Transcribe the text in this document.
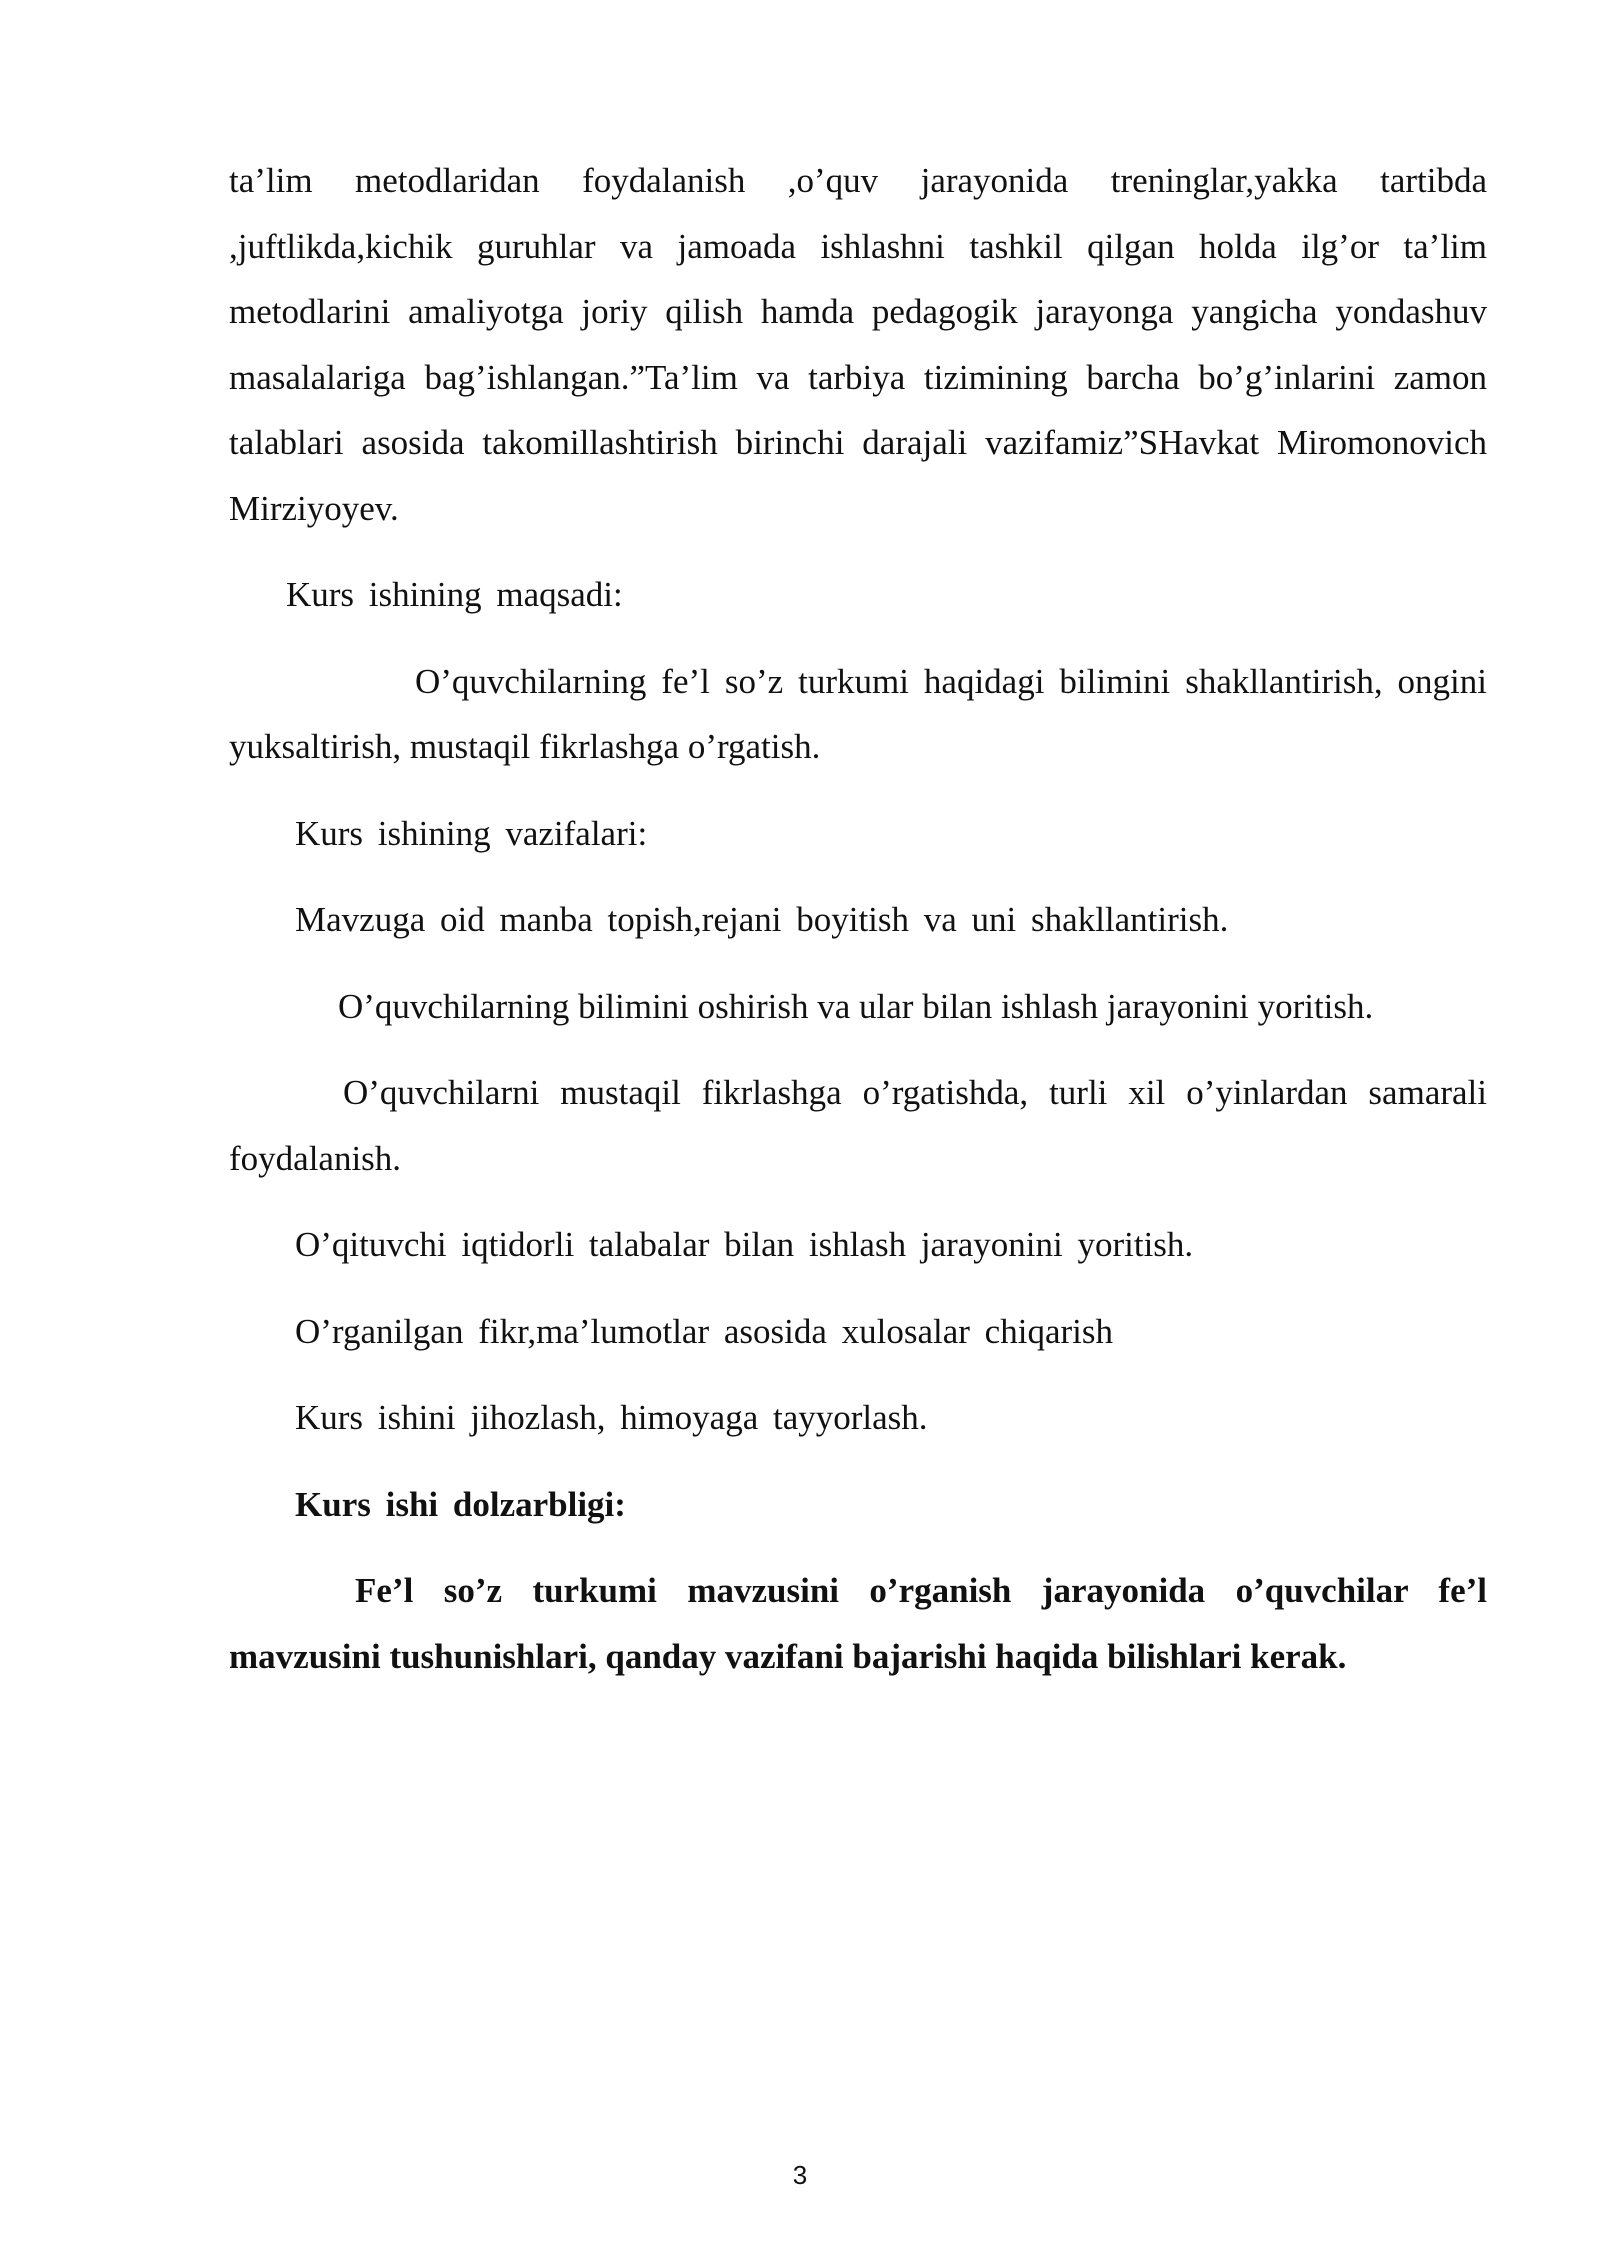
ta’lim metodlaridan foydalanish ,o’quv jarayonida treninglar,yakka tartibda ,juftlikda,kichik guruhlar va jamoada ishlashni tashkil qilgan holda ilg’or ta’lim metodlarini amaliyotga joriy qilish hamda pedagogik jarayonga yangicha yondashuv masalalariga bag’ishlangan.”Ta’lim va tarbiya tizimining barcha bo’g’inlarini zamon talablari asosida takomillashtirish birinchi darajali vazifamiz”SHavkat Miromonovich Mirziyoyev.

Kurs ishining maqsadi:

O’quvchilarning fe’l so’z turkumi haqidagi bilimini shakllantirish, ongini yuksaltirish, mustaqil fikrlashga o’rgatish.

Kurs ishining vazifalari:

Mavzuga oid manba topish,rejani boyitish va uni shakllantirish.

O’quvchilarning bilimini oshirish va ular bilan ishlash jarayonini yoritish.

O’quvchilarni mustaqil fikrlashga o’rgatishda, turli xil o’yinlardan samarali foydalanish.

O’qituvchi iqtidorli talabalar bilan ishlash jarayonini yoritish.

O’rganilgan fikr,ma’lumotlar asosida xulosalar chiqarish

Kurs ishini jihozlash, himoyaga tayyorlash.

Kurs ishi dolzarbligi:

Fe’l so’z turkumi mavzusini o’rganish jarayonida o’quvchilar fe’l mavzusini tushunishlari, qanday vazifani bajarishi haqida bilishlari kerak.

3
